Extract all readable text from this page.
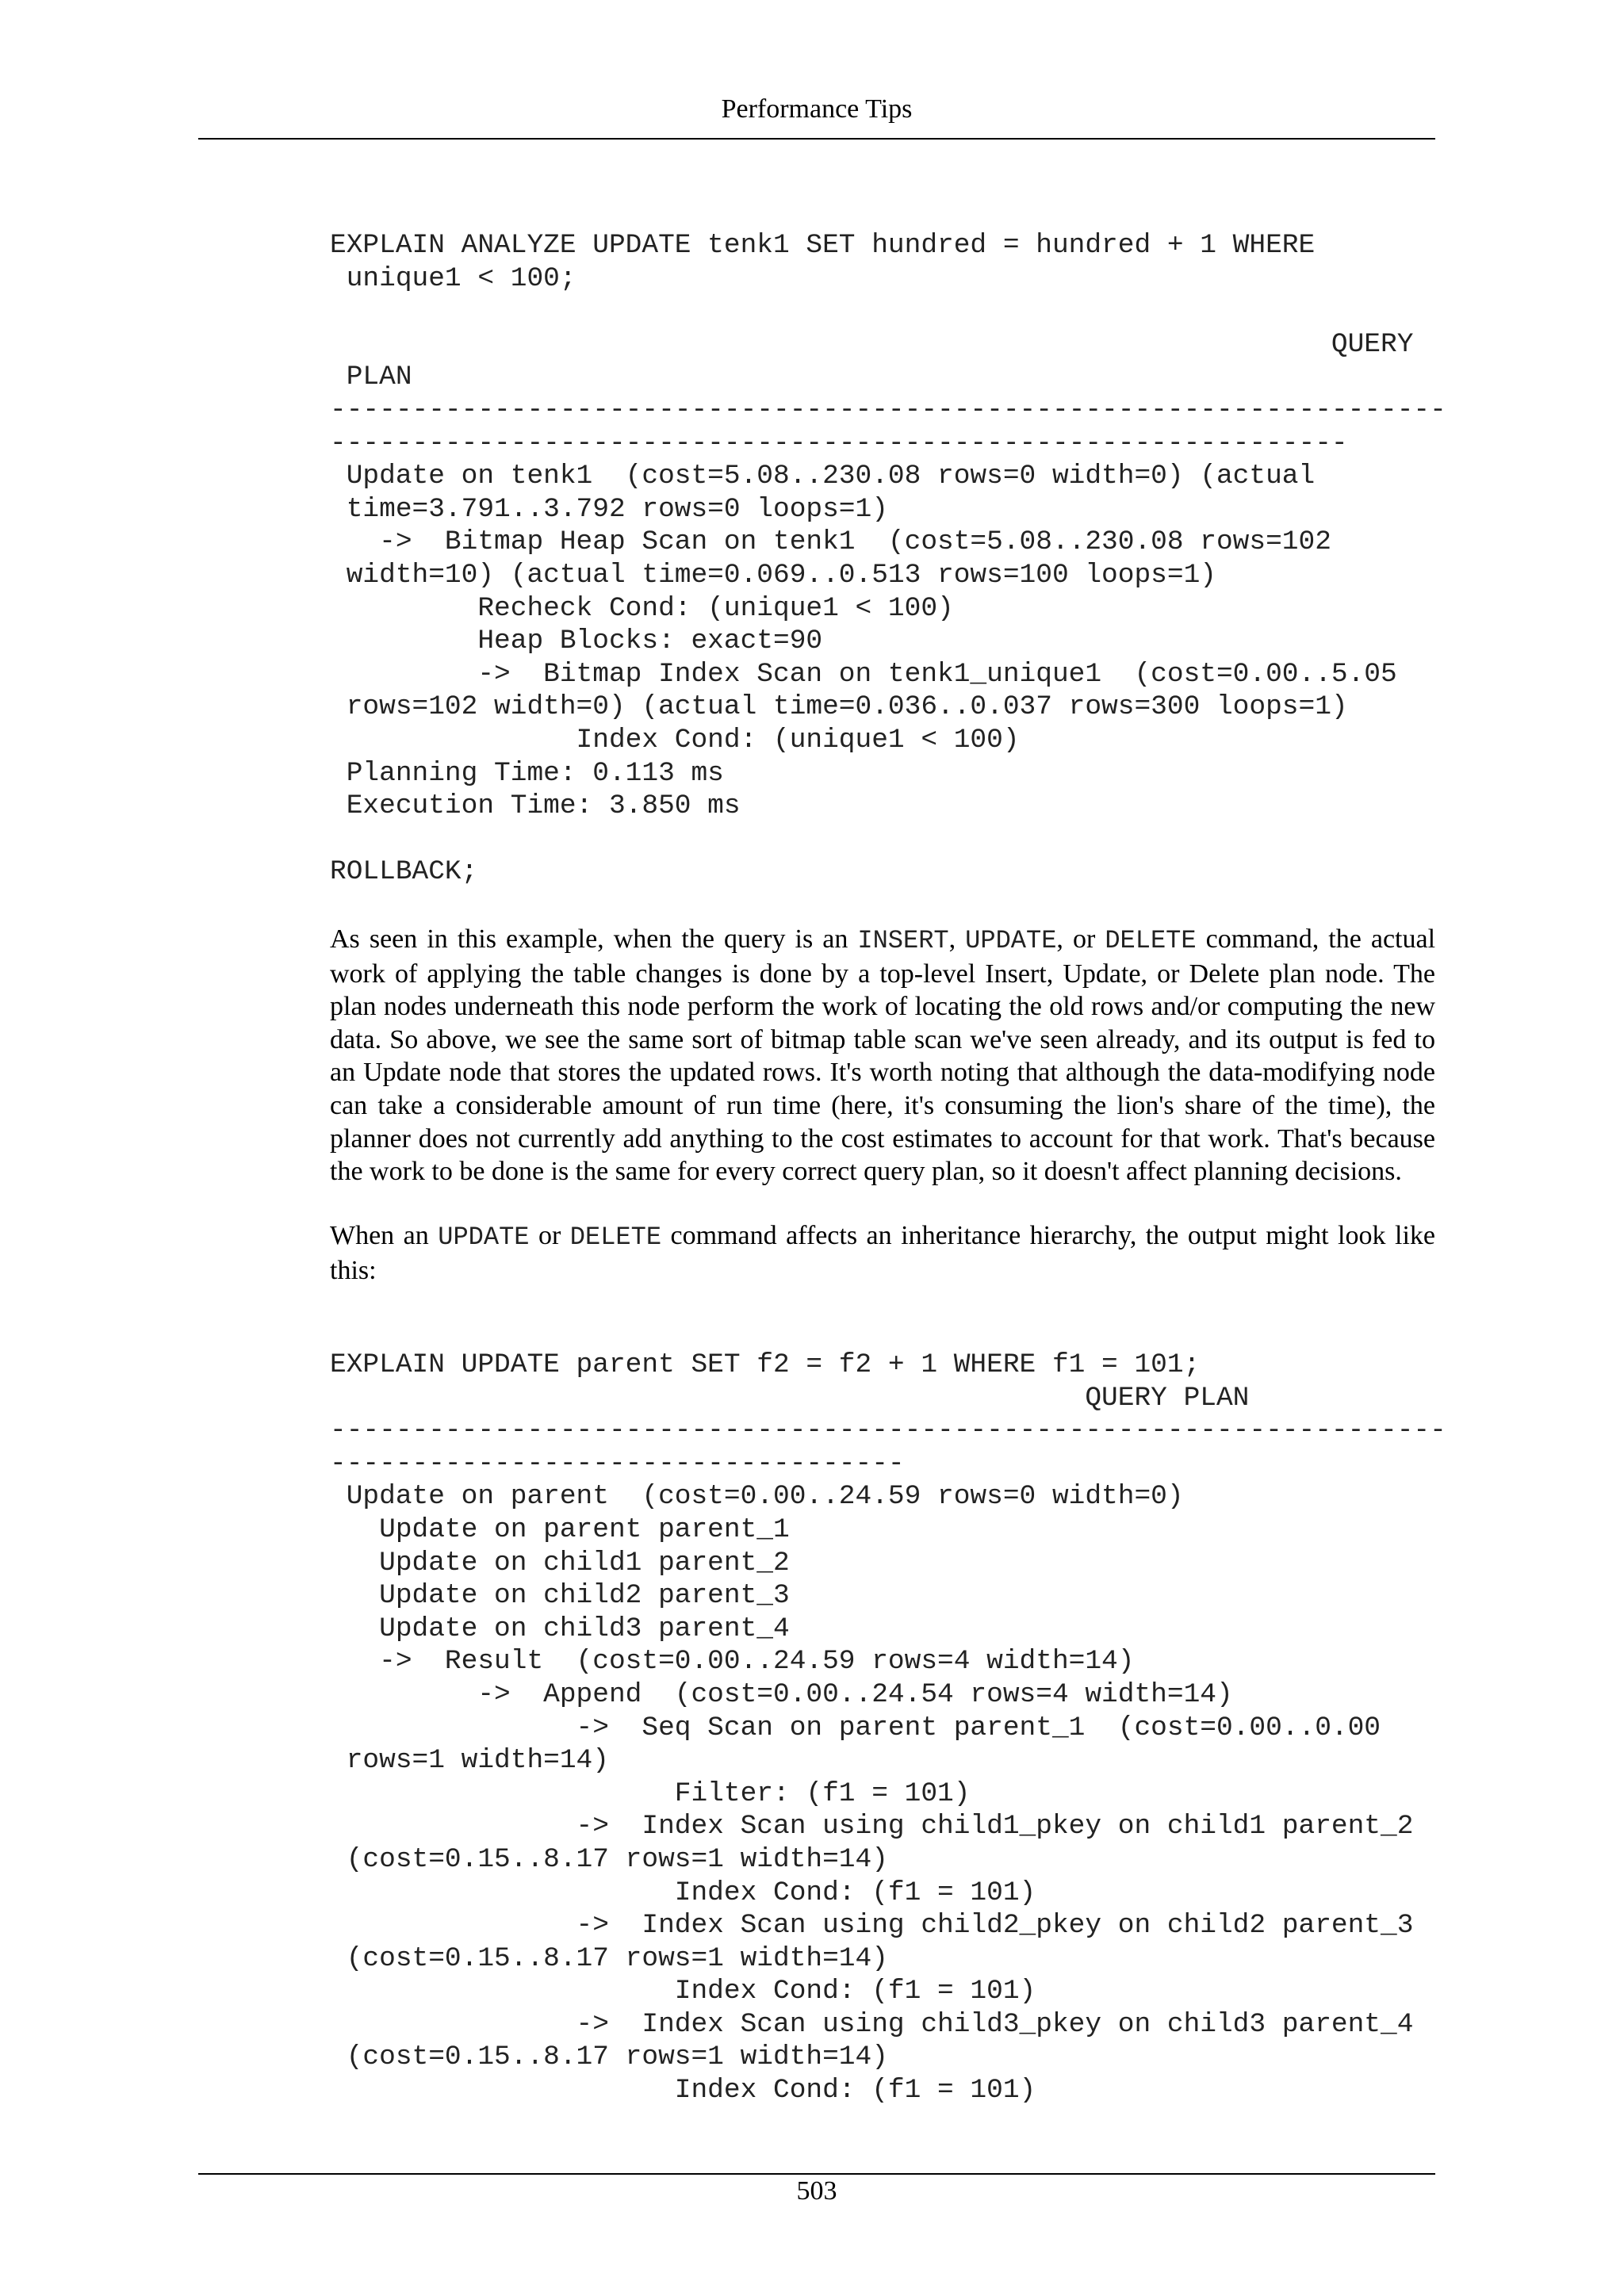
Performance Tips
EXPLAIN ANALYZE UPDATE tenk1 SET hundred = hundred + 1 WHERE
unique1 < 100;

QUERY
PLAN
--------------------------------------------------------------------
--------------------------------------------------------------
Update on tenk1  (cost=5.08..230.08 rows=0 width=0) (actual
time=3.791..3.792 rows=0 loops=1)
->  Bitmap Heap Scan on tenk1  (cost=5.08..230.08 rows=102
width=10) (actual time=0.069..0.513 rows=100 loops=1)
Recheck Cond: (unique1 < 100)
Heap Blocks: exact=90
->  Bitmap Index Scan on tenk1_unique1  (cost=0.00..5.05
rows=102 width=0) (actual time=0.036..0.037 rows=300 loops=1)
Index Cond: (unique1 < 100)
Planning Time: 0.113 ms
Execution Time: 3.850 ms

ROLLBACK;

As seen in this example, when the query is an INSERT, UPDATE, or DELETE command, the actual work of applying the table changes is done by a top-level Insert, Update, or Delete plan node. The plan nodes underneath this node perform the work of locating the old rows and/or computing the new data. So above, we see the same sort of bitmap table scan we've seen already, and its output is fed to an Update node that stores the updated rows. It's worth noting that although the data-modifying node can take a considerable amount of run time (here, it's consuming the lion's share of the time), the planner does not currently add anything to the cost estimates to account for that work. That's because the work to be done is the same for every correct query plan, so it doesn't affect planning decisions.

When an UPDATE or DELETE command affects an inheritance hierarchy, the output might look like this:

EXPLAIN UPDATE parent SET f2 = f2 + 1 WHERE f1 = 101;
QUERY PLAN
--------------------------------------------------------------------
-----------------------------------
Update on parent  (cost=0.00..24.59 rows=0 width=0)
Update on parent parent_1
Update on child1 parent_2
Update on child2 parent_3
Update on child3 parent_4
->  Result  (cost=0.00..24.59 rows=4 width=14)
->  Append  (cost=0.00..24.54 rows=4 width=14)
->  Seq Scan on parent parent_1  (cost=0.00..0.00
rows=1 width=14)
Filter: (f1 = 101)
->  Index Scan using child1_pkey on child1 parent_2
(cost=0.15..8.17 rows=1 width=14)
Index Cond: (f1 = 101)
->  Index Scan using child2_pkey on child2 parent_3
(cost=0.15..8.17 rows=1 width=14)
Index Cond: (f1 = 101)
->  Index Scan using child3_pkey on child3 parent_4
(cost=0.15..8.17 rows=1 width=14)
Index Cond: (f1 = 101)
503
